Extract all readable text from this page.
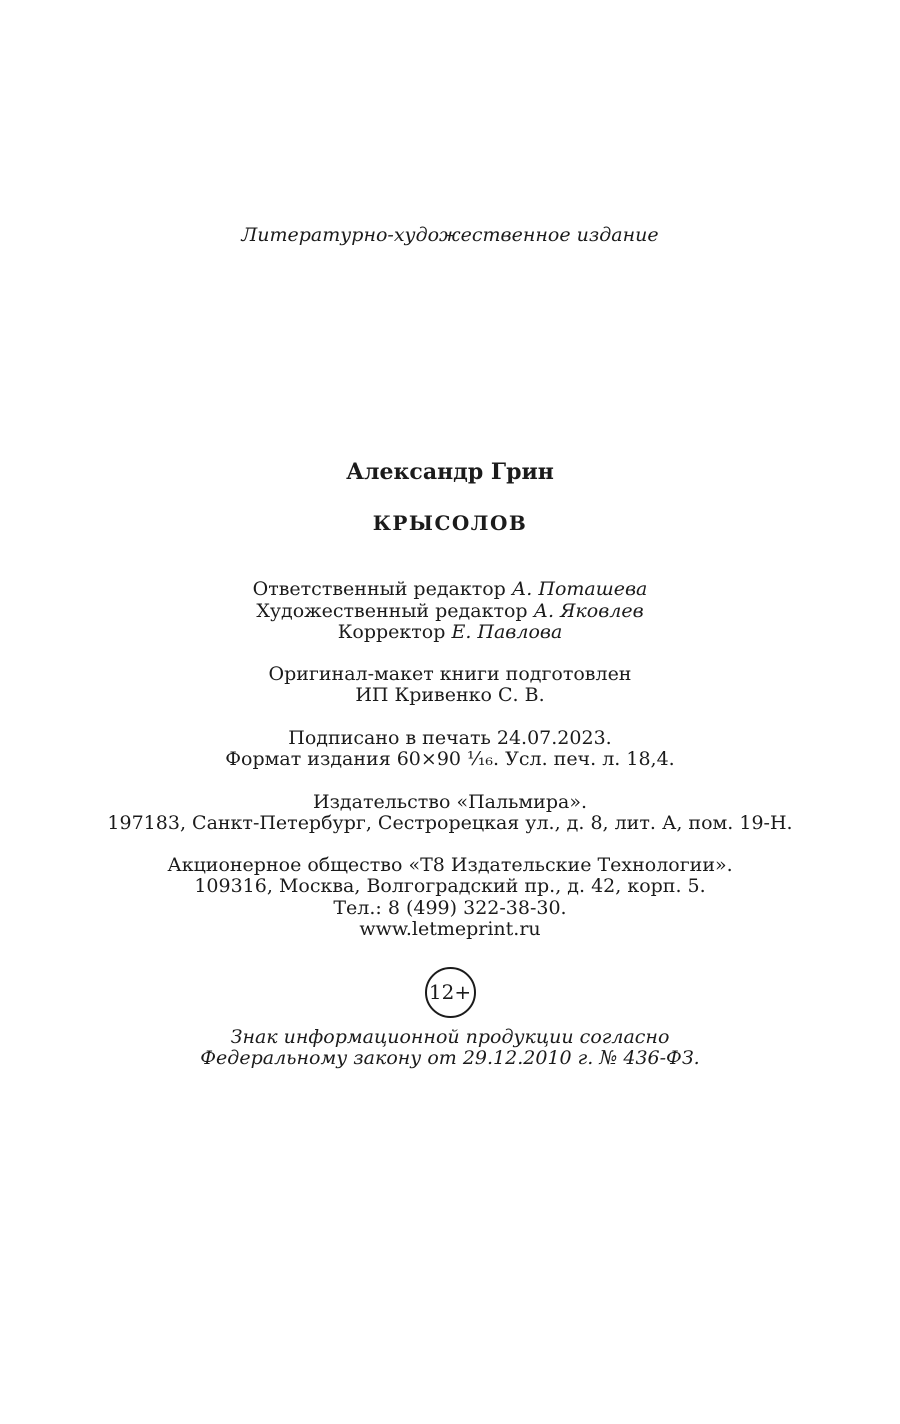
Литературно-художественное издание
Александр Грин
КРЫСОЛОВ
Ответственный редактор А. Поташева
Художественный редактор А. Яковлев
Корректор Е. Павлова
Оригинал-макет книги подготовлен
ИП Кривенко С. В.
Подписано в печать 24.07.2023.
Формат издания 60×90 ¹⁄₁₆. Усл. печ. л. 18,4.
Издательство «Пальмира».
197183, Санкт-Петербург, Сестрорецкая ул., д. 8, лит. А, пом. 19-Н.
Акционерное общество «Т8 Издательские Технологии».
109316, Москва, Волгоградский пр., д. 42, корп. 5.
Тел.: 8 (499) 322-38-30.
www.letmeprint.ru
12+
Знак информационной продукции согласно
Федеральному закону от 29.12.2010 г. № 436-ФЗ.
